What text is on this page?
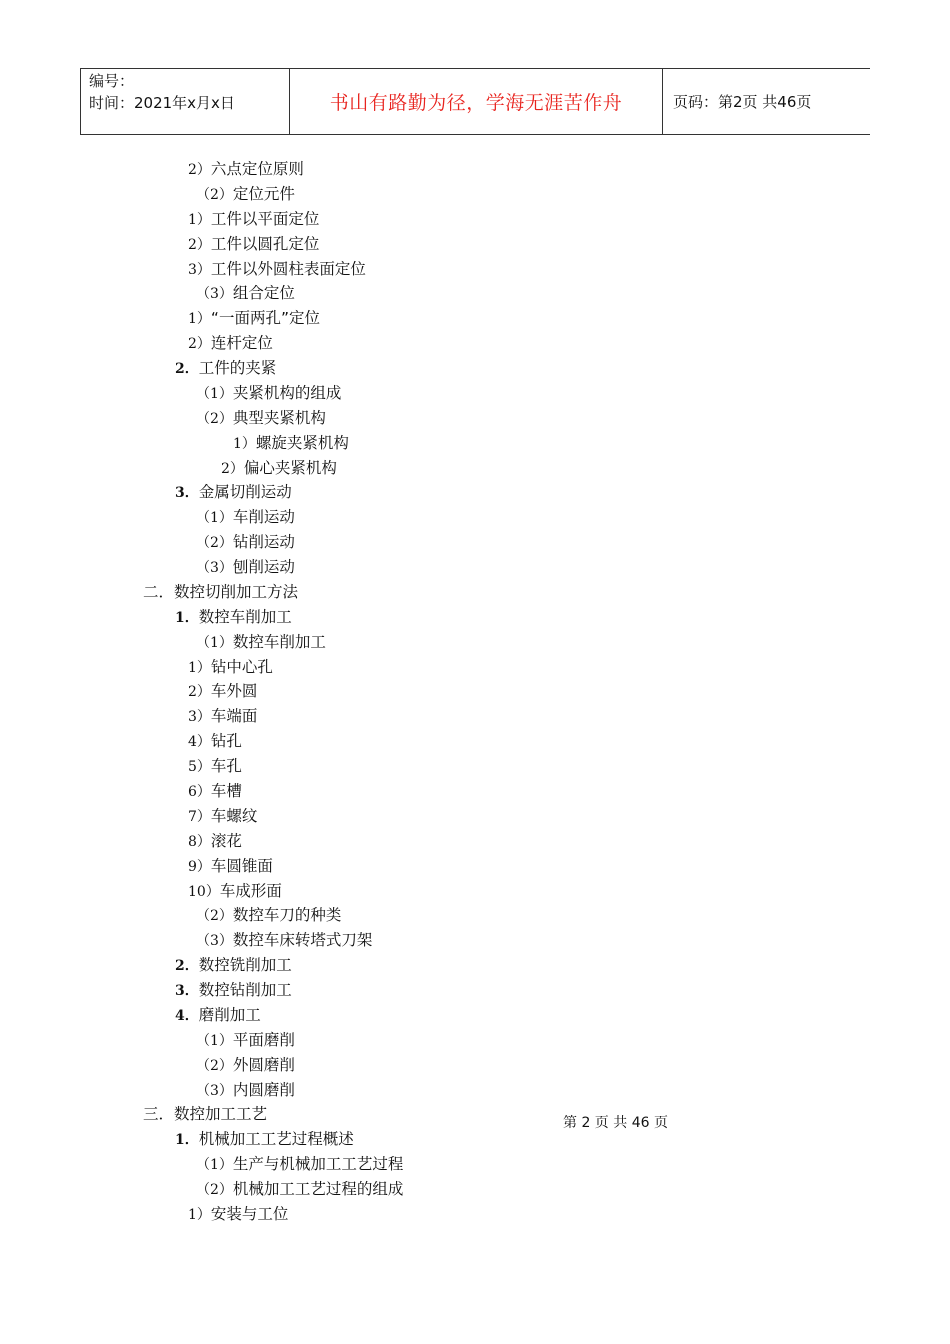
编号：
时间：2021年x月x日	书山有路勤为径，学海无涯苦作舟	页码：第2页 共46页
2）六点定位原则
（2）定位元件
1）工件以平面定位
2）工件以圆孔定位
3）工件以外圆柱表面定位
（3）组合定位
1）“一面两孔”定位
2）连杆定位
2．工件的夹紧
（1）夹紧机构的组成
（2）典型夹紧机构
1）螺旋夹紧机构
2）偏心夹紧机构
3．金属切削运动
（1）车削运动
（2）钻削运动
（3）刨削运动
二．数控切削加工方法
1．数控车削加工
（1）数控车削加工
1）钻中心孔
2）车外圆
3）车端面
4）钻孔
5）车孔
6）车槽
7）车螺纹
8）滚花
9）车圆锥面
10）车成形面
（2）数控车刀的种类
（3）数控车床转塔式刀架
2．数控铣削加工
3．数控钻削加工
4．磨削加工
（1）平面磨削
（2）外圆磨削
（3）内圆磨削
三．数控加工工艺
1．机械加工工艺过程概述
（1）生产与机械加工工艺过程
（2）机械加工工艺过程的组成
1）安装与工位
第 2 页 共 46 页
